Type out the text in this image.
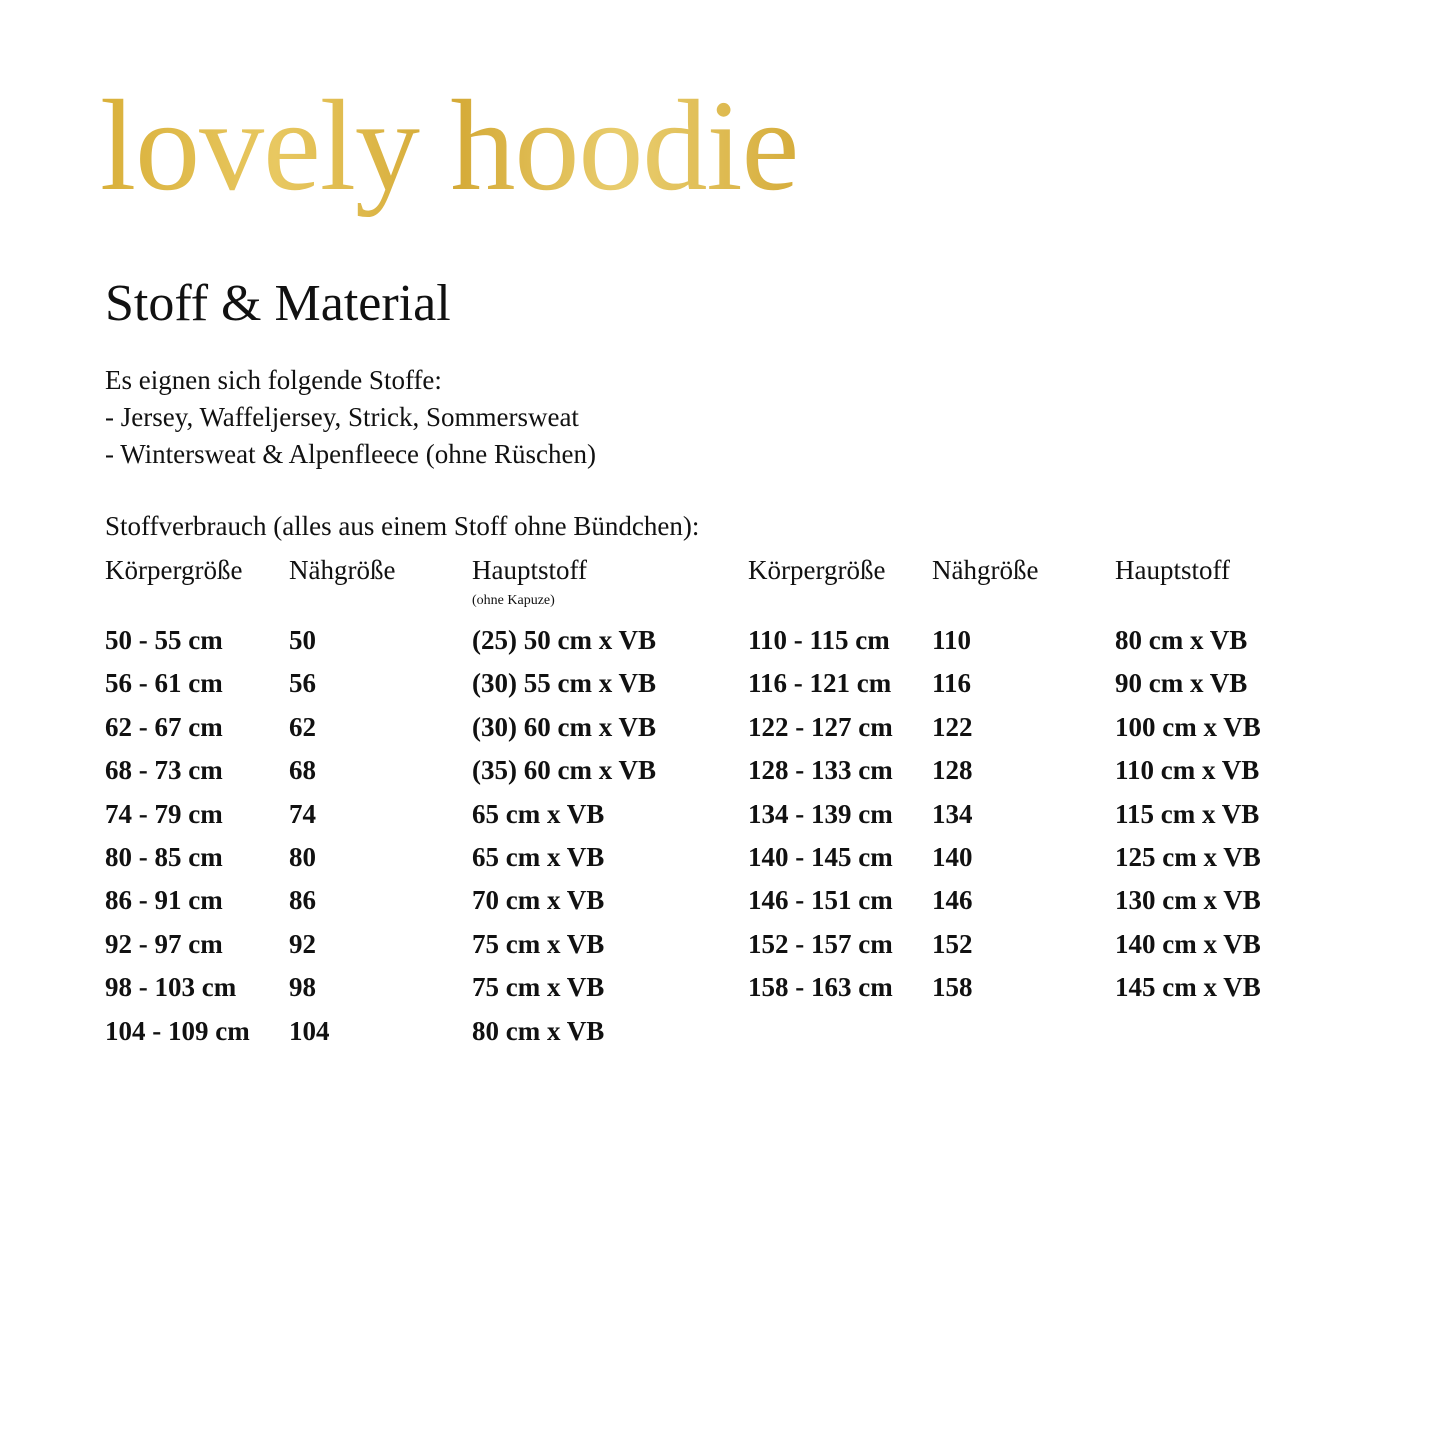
lovely hoodie
Stoff & Material
Es eignen sich folgende Stoffe:
- Jersey, Waffeljersey, Strick, Sommersweat
- Wintersweat & Alpenfleece (ohne Rüschen)
Stoffverbrauch (alles aus einem Stoff ohne Bündchen):
Körpergröße Nähgröße	Hauptstoff
(ohne Kapuze)
50 - 55 cm 50	(25) 50 cm x VB
56 - 61 cm 56	(30) 55 cm x VB
62 - 67 cm 62	(30) 60 cm x VB
68 - 73 cm 68	(35) 60 cm x VB
74 - 79 cm 74	65 cm x VB
80 - 85 cm 80	65 cm x VB
86 - 91 cm 86	70 cm x VB
92 - 97 cm 92	75 cm x VB
98 - 103 cm 98	75 cm x VB
104 - 109 cm 104	80 cm x VB
Körpergröße Nähgröße	Hauptstoff
110 - 115 cm 110	80 cm x VB
116 - 121 cm 116	90 cm x VB
122 - 127 cm 122	100 cm x VB
128 - 133 cm 128	110 cm x VB
134 - 139 cm 134	115 cm x VB
140 - 145 cm 140	125 cm x VB
146 - 151 cm 146	130 cm x VB
152 - 157 cm 152	140 cm x VB
158 - 163 cm 158	145 cm x VB
